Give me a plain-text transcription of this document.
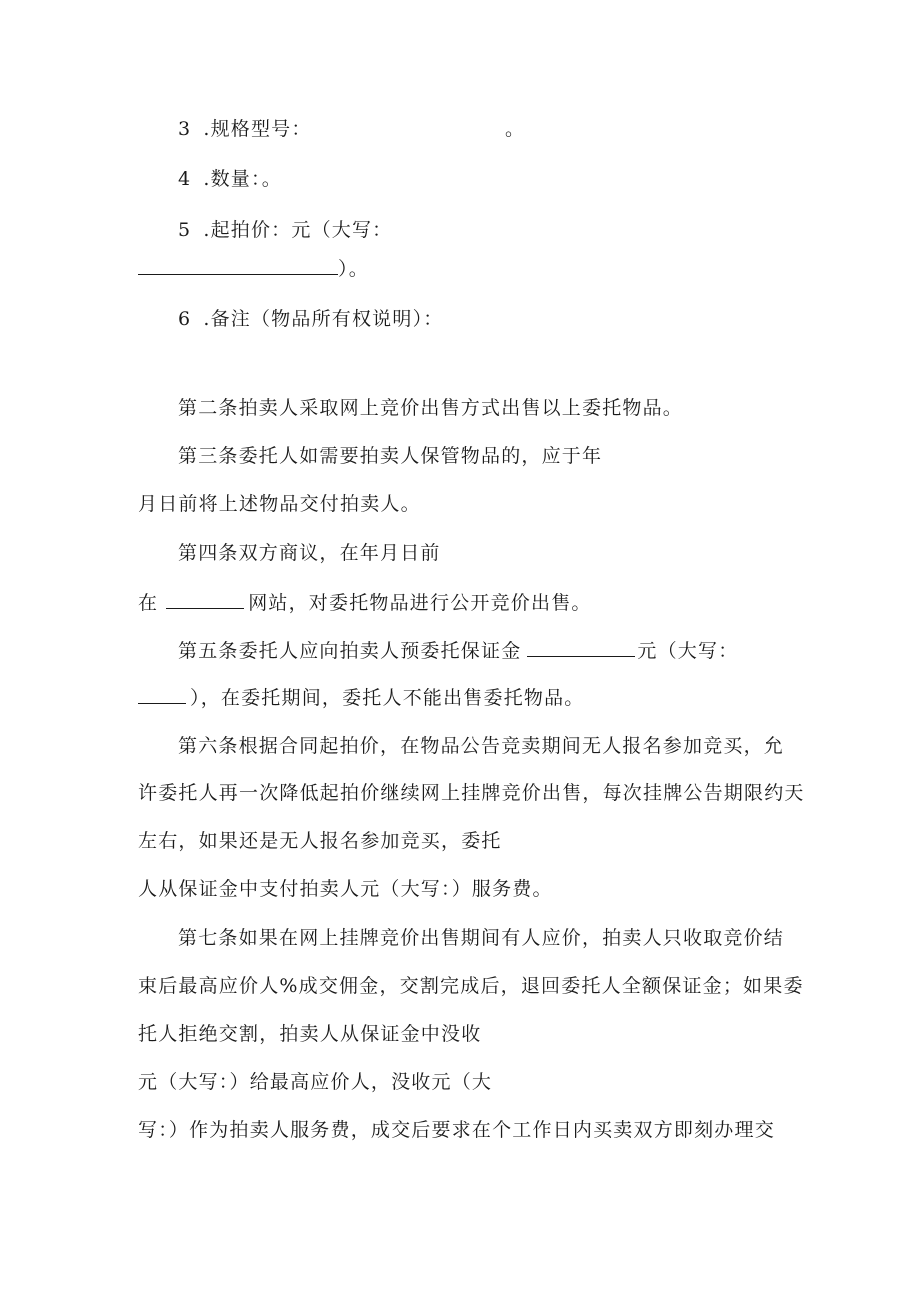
3 .规格型号：	。
4 .数量：。
5 .起拍价：元（大写：
）。
6 .备注（物品所有权说明）：
第二条拍卖人采取网上竞价出售方式出售以上委托物品。
第三条委托人如需要拍卖人保管物品的，应于年
月日前将上述物品交付拍卖人。
第四条双方商议，在年月日前
在	网站，对委托物品进行公开竞价出售。
第五条委托人应向拍卖人预委托保证金	元（大写：
），在委托期间，委托人不能出售委托物品。
第六条根据合同起拍价，在物品公告竞卖期间无人报名参加竞买，允
许委托人再一次降低起拍价继续网上挂牌竞价出售，每次挂牌公告期限约天
左右，如果还是无人报名参加竞买，委托
人从保证金中支付拍卖人元（大写：）服务费。
第七条如果在网上挂牌竞价出售期间有人应价，拍卖人只收取竞价结
束后最高应价人%成交佣金，交割完成后，退回委托人全额保证金；如果委
托人拒绝交割，拍卖人从保证金中没收
元（大写：）给最高应价人，没收元（大
写：）作为拍卖人服务费，成交后要求在个工作日内买卖双方即刻办理交
